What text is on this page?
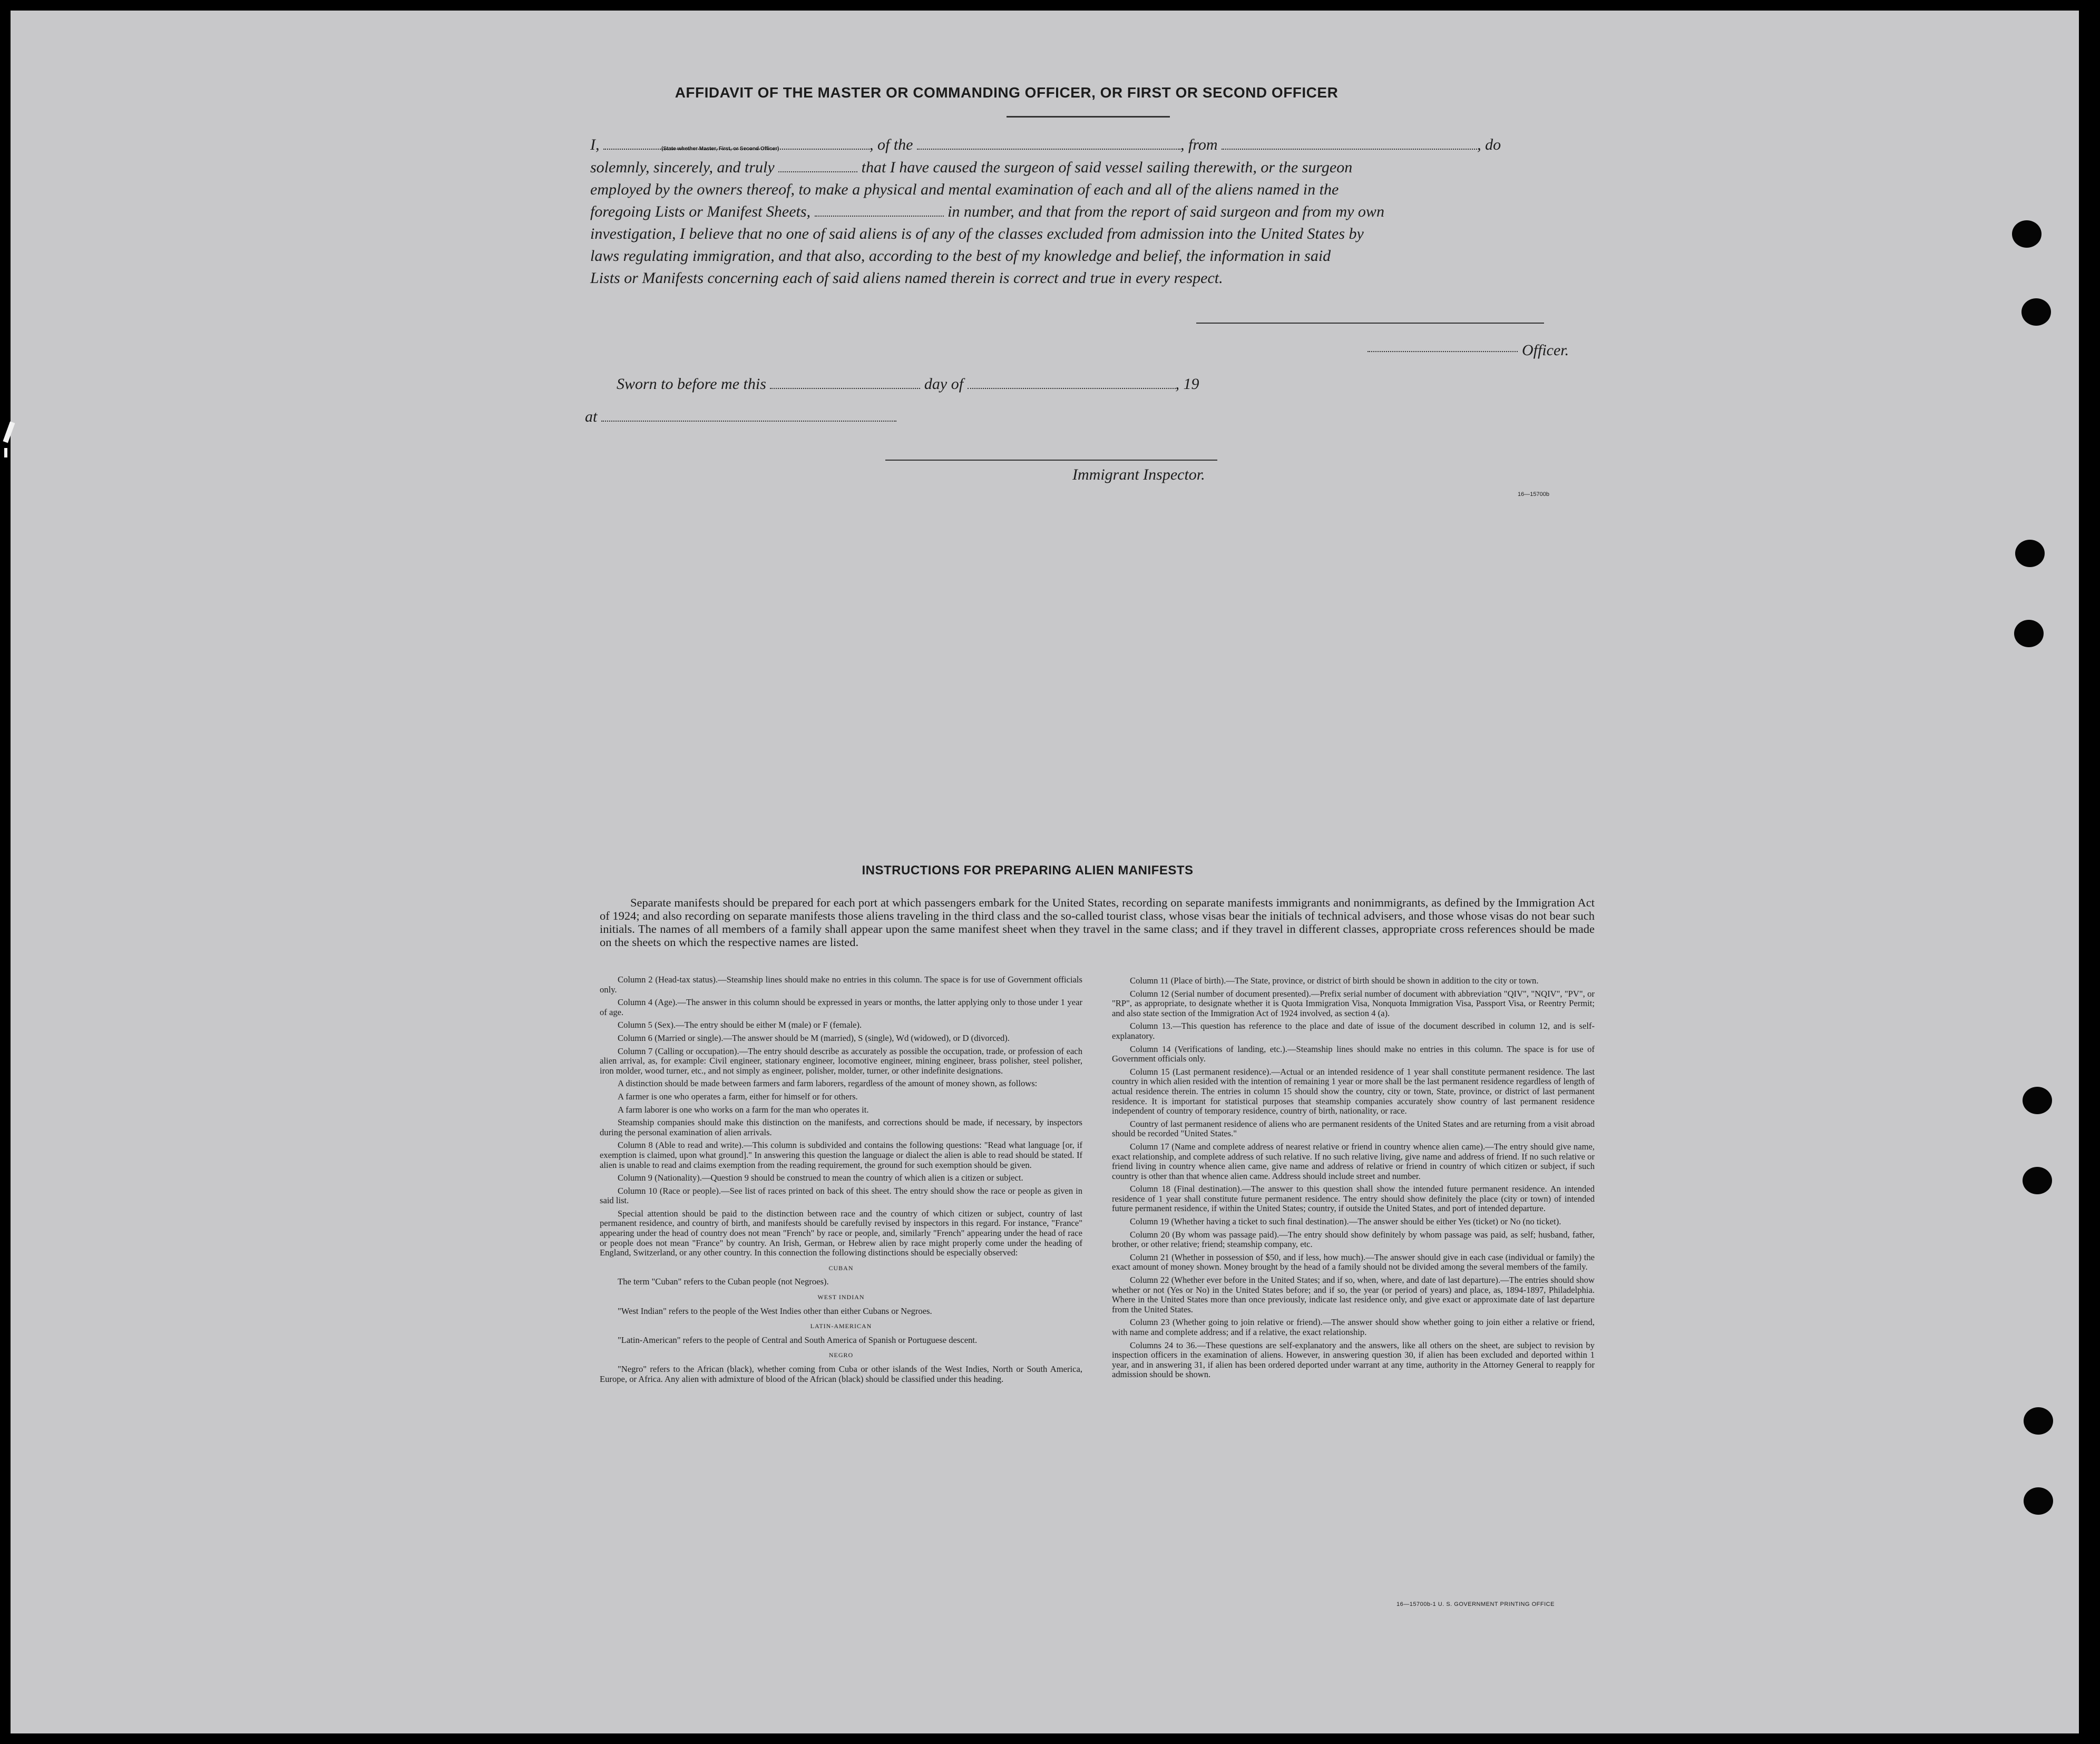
AFFIDAVIT OF THE MASTER OR COMMANDING OFFICER, OR FIRST OR SECOND OFFICER
I,	(State whether Master, First, or Second Officer)	, of the	, from	, do
solemnly, sincerely, and truly	that I have caused the surgeon of said vessel sailing therewith, or the surgeon
employed by the owners thereof, to make a physical and mental examination of each and all of the aliens named in the
foregoing Lists or Manifest Sheets,	in number, and that from the report of said surgeon and from my own
investigation, I believe that no one of said aliens is of any of the classes excluded from admission into the United States by
laws regulating immigration, and that also, according to the best of my knowledge and belief, the information in said
Lists or Manifests concerning each of said aliens named therein is correct and true in every respect.
Officer.
Sworn to before me this	day of	, 19
at
Immigrant Inspector.
16—15700b
INSTRUCTIONS FOR PREPARING ALIEN MANIFESTS
Separate manifests should be prepared for each port at which passengers embark for the United States, recording on separate manifests immigrants and nonimmigrants, as defined by the Immigration Act of 1924; and also recording on separate manifests those aliens traveling in the third class and the so-called tourist class, whose visas bear the initials of technical advisers, and those whose visas do not bear such initials. The names of all members of a family shall appear upon the same manifest sheet when they travel in the same class; and if they travel in different classes, appropriate cross references should be made on the sheets on which the respective names are listed.

Column 2 (Head-tax status).—Steamship lines should make no entries in this column. The space is for use of Government officials only.

Column 4 (Age).—The answer in this column should be expressed in years or months, the latter applying only to those under 1 year of age.

Column 5 (Sex).—The entry should be either M (male) or F (female).

Column 6 (Married or single).—The answer should be M (married), S (single), Wd (widowed), or D (divorced).

Column 7 (Calling or occupation).—The entry should describe as accurately as possible the occupation, trade, or profession of each alien arrival, as, for example: Civil engineer, stationary engineer, locomotive engineer, mining engineer, brass polisher, steel polisher, iron molder, wood turner, etc., and not simply as engineer, polisher, molder, turner, or other indefinite designations.

A distinction should be made between farmers and farm laborers, regardless of the amount of money shown, as follows:

A farmer is one who operates a farm, either for himself or for others.

A farm laborer is one who works on a farm for the man who operates it.

Steamship companies should make this distinction on the manifests, and corrections should be made, if necessary, by inspectors during the personal examination of alien arrivals.

Column 8 (Able to read and write).—This column is subdivided and contains the following questions: "Read what language [or, if exemption is claimed, upon what ground]." In answering this question the language or dialect the alien is able to read should be stated. If alien is unable to read and claims exemption from the reading requirement, the ground for such exemption should be given.

Column 9 (Nationality).—Question 9 should be construed to mean the country of which alien is a citizen or subject.

Column 10 (Race or people).—See list of races printed on back of this sheet. The entry should show the race or people as given in said list.

Special attention should be paid to the distinction between race and the country of which citizen or subject, country of last permanent residence, and country of birth, and manifests should be carefully revised by inspectors in this regard. For instance, "France" appearing under the head of country does not mean "French" by race or people, and, similarly "French" appearing under the head of race or people does not mean "France" by country. An Irish, German, or Hebrew alien by race might properly come under the heading of England, Switzerland, or any other country. In this connection the following distinctions should be especially observed:

CUBAN

The term "Cuban" refers to the Cuban people (not Negroes).

WEST INDIAN

"West Indian" refers to the people of the West Indies other than either Cubans or Negroes.

LATIN-AMERICAN

"Latin-American" refers to the people of Central and South America of Spanish or Portuguese descent.

NEGRO

"Negro" refers to the African (black), whether coming from Cuba or other islands of the West Indies, North or South America, Europe, or Africa. Any alien with admixture of blood of the African (black) should be classified under this heading.

Column 11 (Place of birth).—The State, province, or district of birth should be shown in addition to the city or town.

Column 12 (Serial number of document presented).—Prefix serial number of document with abbreviation "QIV", "NQIV", "PV", or "RP", as appropriate, to designate whether it is Quota Immigration Visa, Nonquota Immigration Visa, Passport Visa, or Reentry Permit; and also state section of the Immigration Act of 1924 involved, as section 4 (a).

Column 13.—This question has reference to the place and date of issue of the document described in column 12, and is self-explanatory.

Column 14 (Verifications of landing, etc.).—Steamship lines should make no entries in this column. The space is for use of Government officials only.

Column 15 (Last permanent residence).—Actual or an intended residence of 1 year shall constitute permanent residence. The last country in which alien resided with the intention of remaining 1 year or more shall be the last permanent residence regardless of length of actual residence therein. The entries in column 15 should show the country, city or town, State, province, or district of last permanent residence. It is important for statistical purposes that steamship companies accurately show country of last permanent residence independent of country of temporary residence, country of birth, nationality, or race.

Country of last permanent residence of aliens who are permanent residents of the United States and are returning from a visit abroad should be recorded "United States."

Column 17 (Name and complete address of nearest relative or friend in country whence alien came).—The entry should give name, exact relationship, and complete address of such relative. If no such relative living, give name and address of friend. If no such relative or friend living in country whence alien came, give name and address of relative or friend in country of which citizen or subject, if such country is other than that whence alien came. Address should include street and number.

Column 18 (Final destination).—The answer to this question shall show the intended future permanent residence. An intended residence of 1 year shall constitute future permanent residence. The entry should show definitely the place (city or town) of intended future permanent residence, if within the United States; country, if outside the United States, and port of intended departure.

Column 19 (Whether having a ticket to such final destination).—The answer should be either Yes (ticket) or No (no ticket).

Column 20 (By whom was passage paid).—The entry should show definitely by whom passage was paid, as self; husband, father, brother, or other relative; friend; steamship company, etc.

Column 21 (Whether in possession of $50, and if less, how much).—The answer should give in each case (individual or family) the exact amount of money shown. Money brought by the head of a family should not be divided among the several members of the family.

Column 22 (Whether ever before in the United States; and if so, when, where, and date of last departure).—The entries should show whether or not (Yes or No) in the United States before; and if so, the year (or period of years) and place, as, 1894-1897, Philadelphia. Where in the United States more than once previously, indicate last residence only, and give exact or approximate date of last departure from the United States.

Column 23 (Whether going to join relative or friend).—The answer should show whether going to join either a relative or friend, with name and complete address; and if a relative, the exact relationship.

Columns 24 to 36.—These questions are self-explanatory and the answers, like all others on the sheet, are subject to revision by inspection officers in the examination of aliens. However, in answering question 30, if alien has been excluded and deported within 1 year, and in answering 31, if alien has been ordered deported under warrant at any time, authority in the Attorney General to reapply for admission should be shown.

16—15700b-1 U. S. GOVERNMENT PRINTING OFFICE
